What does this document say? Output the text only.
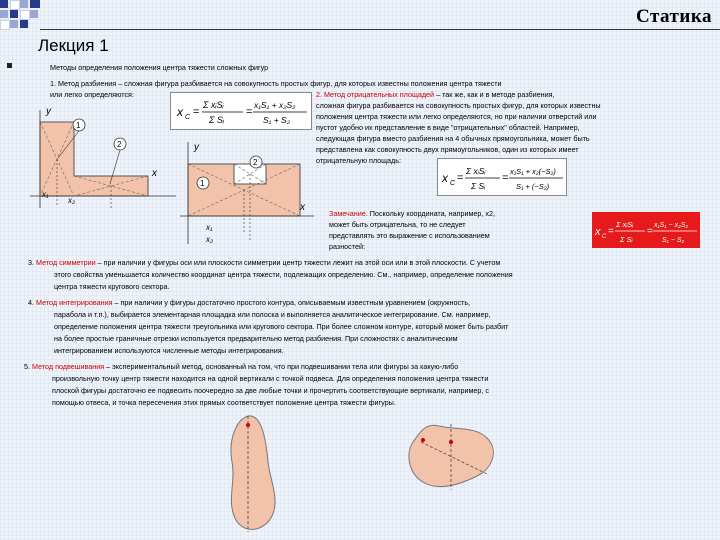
Статика
Лекция 1
Методы определения положения центра тяжести сложных фигур
1. Метод разбиения – сложная фигура разбивается на совокупность простых фигур, для которых известны положения центра тяжести
или легко определяются:
x C =
Σ xᵢSᵢ
Σ Sᵢ
=
x₁S₁ + x₂S₂
S₁ + S₂
2. Метод отрицательных площадей – так же, как и в методе разбиения,
сложная фигура разбивается на совокупность простых фигур, для которых известны
положения центра тяжести или легко определяются, но при наличии отверстий или
пустот удобно их представление в виде "отрицательных" областей. Например,
следующая фигура вместо разбиения на 4 обычных прямоугольника, может быть
представлена как совокупность двух прямоугольников, один из которых имеет
отрицательную площадь:
x C =
Σ xᵢSᵢ
Σ Sᵢ
=
x₁S₁ + x₂(−S₂)
S₁ + (−S₂)
1
2
y
x
x₁
x₂
1
2
y
x
x₁
x₂
Замечание. Поскольку координата, например, x2,
может быть отрицательна, то не следует
представлять это выражение с использованием
разностей:
x C =
Σ xᵢSᵢ
Σ Sᵢ
=
x₁S₁ − x₂S₂
S₁ − S₂
3. Метод симметрии – при наличии у фигуры оси или плоскости симметрии центр тяжести лежит на этой оси или в этой плоскости. С учетом
этого свойства уменьшается количество координат центра тяжести, подлежащих определению. См., например, определение положения
центра тяжести кругового сектора.
4. Метод интегрирования – при наличии у фигуры достаточно простого контура, описываемым известным уравнением (окружность,
парабола и т.п.), выбирается элементарная площадка или полоска и выполняется аналитическое интегрирование. См. например,
определение положения центра тяжести треугольника или кругового сектора. При более сложном контуре, который может быть разбит
на более простые граничные отрезки используется предварительно метод разбиения. При сложностях с аналитическим
интегрированием используются численные методы интегрирования.
5. Метод подвешивания – экспериментальный метод, основанный на том, что при подвешивании тела или фигуры за какую-либо
произвольную точку центр тяжести находится на одной вертикали с точкой подвеса. Для определения положения центра тяжести
плоской фигуры достаточно ее подвесить поочередно за две любые точки и прочертить соответствующие вертикали, например, с
помощью отвеса, и точка пересечения этих прямых соответствует положение центра тяжести фигуры.
